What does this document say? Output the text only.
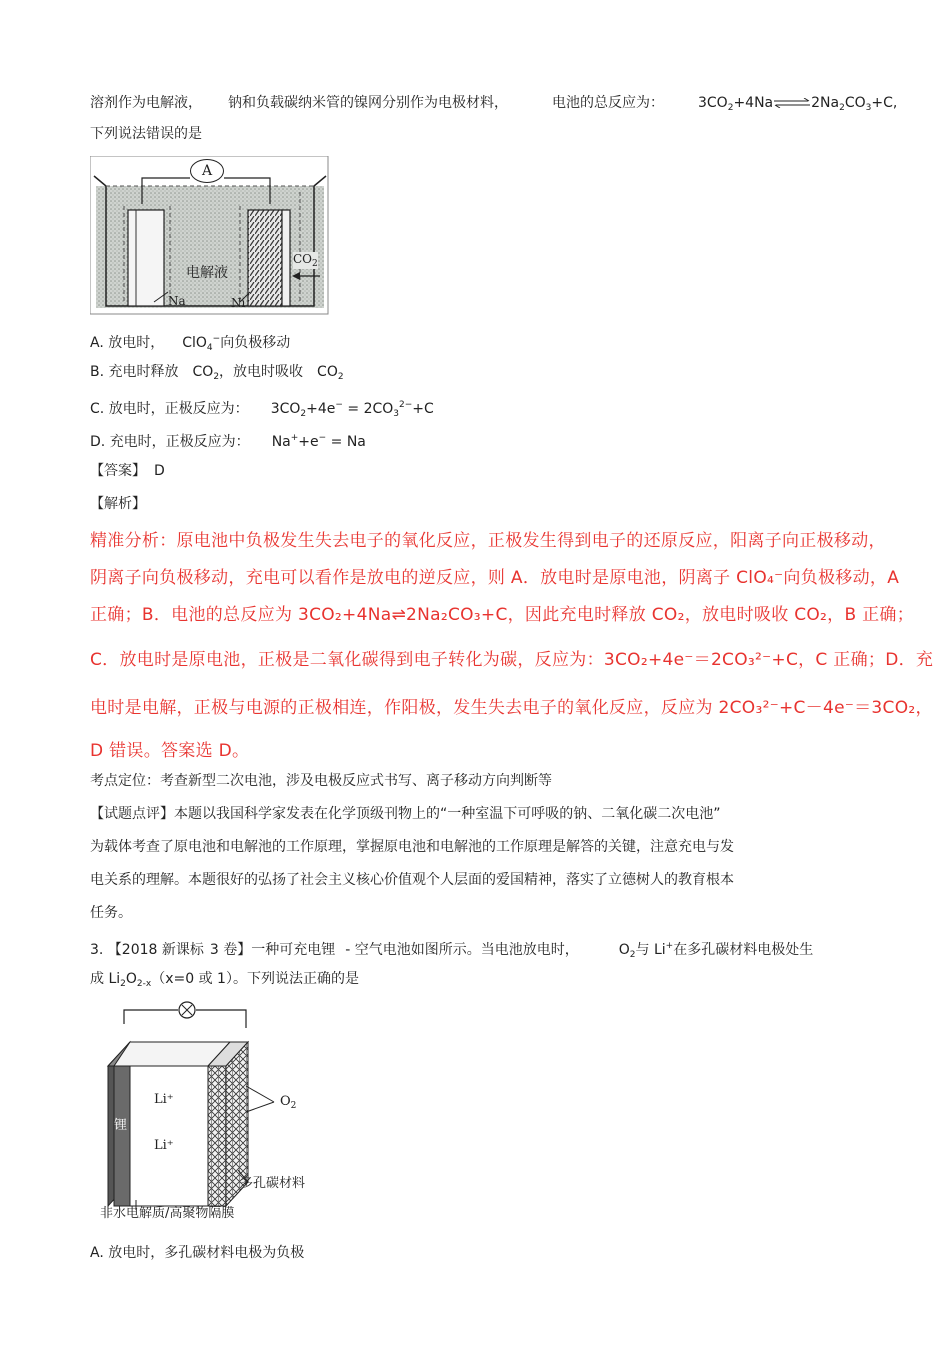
溶剂作为电解液， 钠和负载碳纳米管的镍网分别作为电极材料，	电池的总反应为： $3CO_2+4Na\rightleftharpoons 2Na_2CO_3+C$,
下列说法错误的是
A
电解液
Na	Ni
$CO_2$
A. 放电时， ClO$_4$−向负极移动
B. 充电时释放 $CO_2$，放电时吸收 $CO_2$
C. 放电时，正极反应为： $3CO_2+4e^- = 2CO_3^{2-}+C$
D. 充电时，正极反应为： Na++e− = Na
【答案】 D
【解析】
精准分析：原电池中负极发生失去电子的氧化反应，正极发生得到电子的还原反应，阳离子向正极移动，
阴离子向负极移动，充电可以看作是放电的逆反应，则 A．放电时是原电池，阴离子 ClO₄⁻向负极移动，A
正确；B．电池的总反应为 3CO₂+4Na⇌2Na₂CO₃+C，因此充电时释放 CO₂，放电时吸收 CO₂，B 正确；
C．放电时是原电池，正极是二氧化碳得到电子转化为碳，反应为：3CO₂+4e⁻＝2CO₃²⁻+C，C 正确；D．充
电时是电解，正极与电源的正极相连，作阳极，发生失去电子的氧化反应，反应为 2CO₃²⁻+C－4e⁻＝3CO₂，
D 错误。答案选 D。
考点定位：考查新型二次电池，涉及电极反应式书写、离子移动方向判断等
【试题点评】本题以我国科学家发表在化学顶级刊物上的“一种室温下可呼吸的钠、二氧化碳二次电池”
为载体考查了原电池和电解池的工作原理，掌握原电池和电解池的工作原理是解答的关键，注意充电与发
电关系的理解。本题很好的弘扬了社会主义核心价值观个人层面的爱国精神，落实了立德树人的教育根本
任务。
3. 【2018 新课标 3 卷】一种可充电锂 - 空气电池如图所示。当电池放电时，	$O_2$与 Li+在多孔碳材料电极处生
成 $Li_2O_{2-x}(x=0$ 或 1）。下列说法正确的是
锂
Li⁺
Li⁺
$O_2$
多孔碳材料
非水电解质/高聚物隔膜
A. 放电时，多孔碳材料电极为负极
